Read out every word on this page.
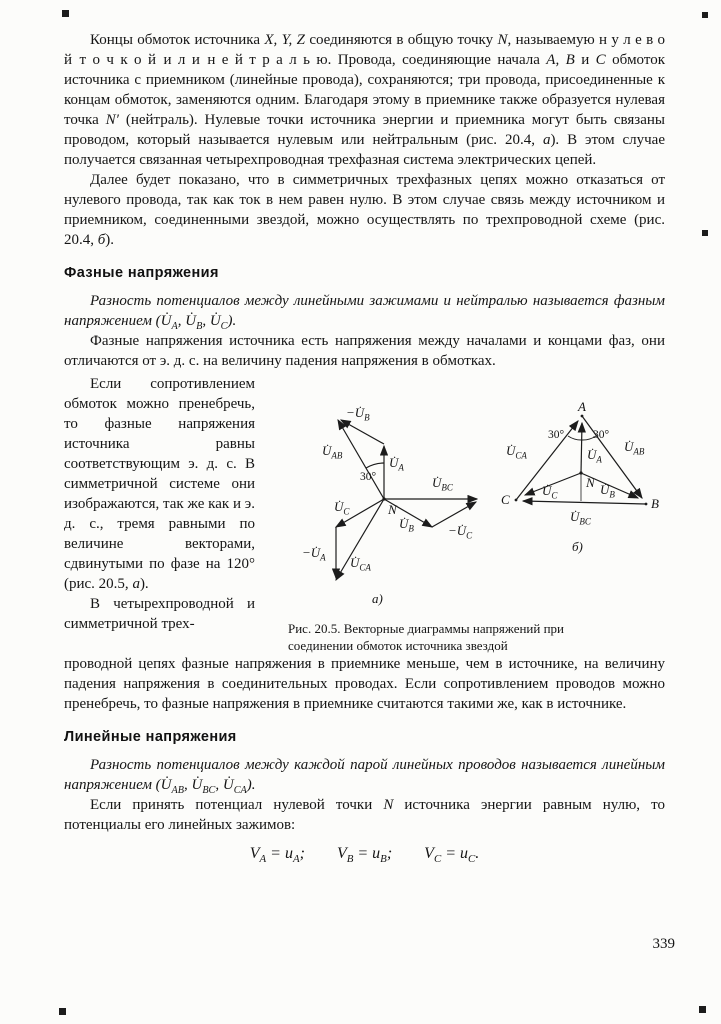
Концы обмоток источника X, Y, Z соединяются в общую точку N, называемую н у л е в о й т о ч к о й и л и н е й т р а л ь ю. Провода, соединяющие начала A, B и C обмоток источника с приемником (линейные провода), сохраняются; три провода, присоединенные к концам обмоток, заменяются одним. Благодаря этому в приемнике также образуется нулевая точка N′ (нейтраль). Нулевые точки источника энергии и приемника могут быть связаны проводом, который называется нулевым или нейтральным (рис. 20.4, а). В этом случае получается связанная четырехпроводная трехфазная система электрических цепей.

Далее будет показано, что в симметричных трехфазных цепях можно отказаться от нулевого провода, так как ток в нем равен нулю. В этом случае связь между источником и приемником, соединенными звездой, можно осуществлять по трехпроводной схеме (рис. 20.4, б).

Фазные напряжения

Разность потенциалов между линейными зажимами и нейтралью называется фазным напряжением ($U̇_A$, $U̇_B$, $U̇_C$).

Фазные напряжения источника есть напряжения между началами и концами фаз, они отличаются от э. д. с. на величину падения напряжения в обмотках.

Если сопротивлением обмоток можно пренебречь, то фазные напряжения источника равны соответствующим э. д. с. В симметричной системе они изображаются, так же как и э. д. с., тремя равными по величине векторами, сдвинутыми по фазе на 120° (рис. 20.5, а).

В четырехпроводной и симметричной трех-

$U̇_{AB}$
$-U̇_B$
$U̇_A$
30°	$U̇_{BC}$
$U̇_B$	$-U̇_C$
$U̇_C$
$-U̇_A$ $U̇_{CA}$
N
а)
A
B
C
N
$U̇_{CA}$
$U̇_{AB}$
$U̇_A$
30°	30°
$U̇_B$
$U̇_C$
$U̇_{BC}$
б)
Рис. 20.5. Векторные диаграммы напряжений при соединении обмоток источника звездой

проводной цепях фазные напряжения в приемнике меньше, чем в источнике, на величину падения напряжения в соединительных проводах. Если сопротивлением проводов можно пренебречь, то фазные напряжения в приемнике считаются такими же, как в источнике.

Линейные напряжения

Разность потенциалов между каждой парой линейных проводов называется линейным напряжением ($U̇_{AB}$, $U̇_{BC}$, $U̇_{CA}$).

Если принять потенциал нулевой точки N источника энергии равным нулю, то потенциалы его линейных зажимов:

$V_A = u_A$;  $V_B = u_B$;  $V_C = u_C$.
339
